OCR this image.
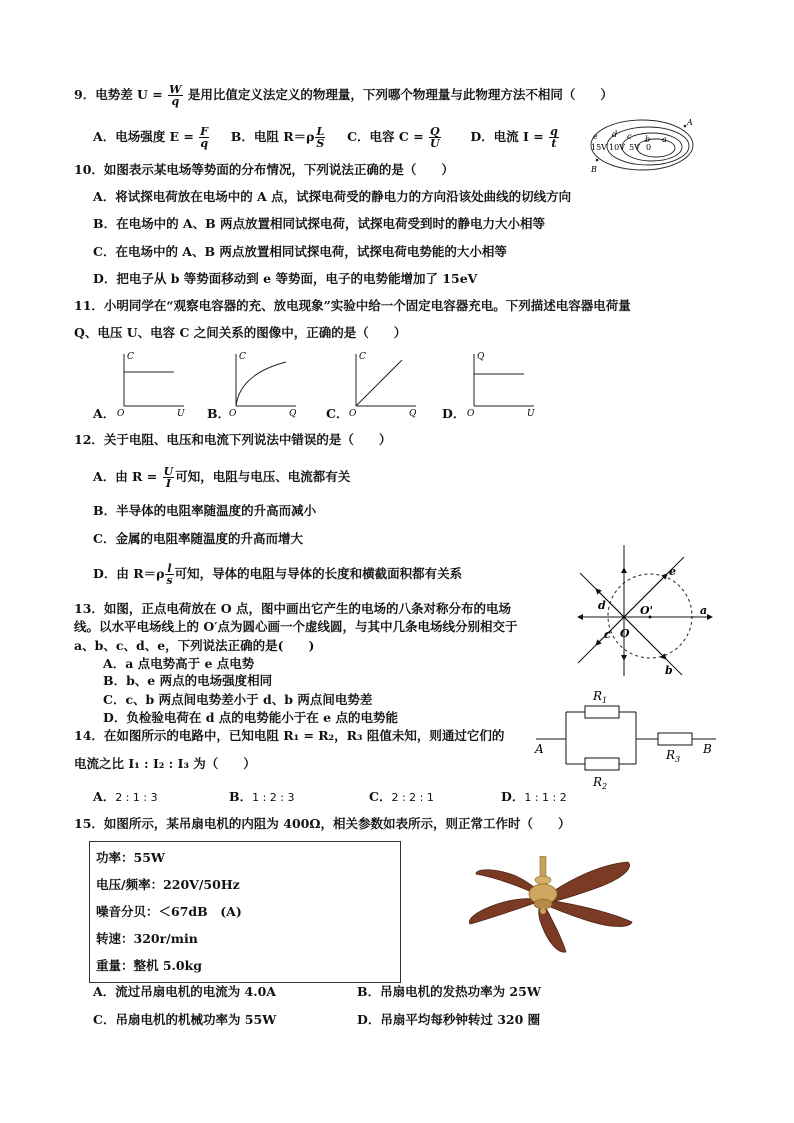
9．电势差 $U = \frac{W}{q}$ 是用比值定义法定义的物理量，下列哪个物理量与此物理方法不相同（　　）
A．电场强度 $E = \frac{F}{q}$ B．电阻 $R=\rho \frac{L}{S}$ C．电容 $C = \frac{Q}{U}$ D．电流 $I = \frac{q}{t}$	e d c b a
15V 10V 5V 0
A
B
10．如图表示某电场等势面的分布情况，下列说法正确的是（　　）
A．将试探电荷放在电场中的 A 点，试探电荷受的静电力的方向沿该处曲线的切线方向
B．在电场中的 A、B 两点放置相同试探电荷，试探电荷受到时的静电力大小相等
C．在电场中的 A、B 两点放置相同试探电荷，试探电荷电势能的大小相等
D．把电子从 b 等势面移动到 e 等势面，电子的电势能增加了 15eV
11．小明同学在“观察电容器的充、放电现象”实验中给一个固定电容器充电。下列描述电容器电荷量
Q、电压 U、电容 C 之间关系的图像中，正确的是（　　）
A．
C
O	U B．
C
O	Q C．
C
O	Q D．
Q
O	U
12．关于电阻、电压和电流下列说法中错误的是（　　）
A．由 $R = \frac{U}{I}$ 可知，电阻与电压、电流都有关
B．半导体的电阻率随温度的升高而减小
C．金属的电阻率随温度的升高而增大
D．由 $R=\rho \frac{l}{s}$ 可知，导体的电阻与导体的长度和横截面积都有关系	e
d	O'	a
c O
b
13．如图，正点电荷放在 O 点，图中画出它产生的电场的八条对称分布的电场
线。以水平电场线上的 O′点为圆心画一个虚线圆，与其中几条电场线分别相交于
a、b、c、d、e，下列说法正确的是(　　)
A．a 点电势高于 e 点电势
B．b、e 两点的电场强度相同
C．c、b 两点间电势差小于 d、b 两点间电势差
D．负检验电荷在 d 点的电势能小于在 e 点的电势能
$R_1$
$R_2$
$R_3$
A	B
14．在如图所示的电路中，已知电阻 R₁ = R₂，R₃ 阻值未知，则通过它们的
电流之比 I₁ : I₂ : I₃ 为（　　）
A．2 : 1 : 3	B．1 : 2 : 3	C．2 : 2 : 1	D．1 : 1 : 2
15．如图所示，某吊扇电机的内阻为 400Ω，相关参数如表所示，则正常工作时（　　）
功率：55W
电压/频率：220V/50Hz
噪音分贝：＜67dB　(A)
转速：320r/min
重量：整机 5.0kg
A．流过吊扇电机的电流为 4.0A	B．吊扇电机的发热功率为 25W
C．吊扇电机的机械功率为 55W	D．吊扇平均每秒钟转过 320 圈
